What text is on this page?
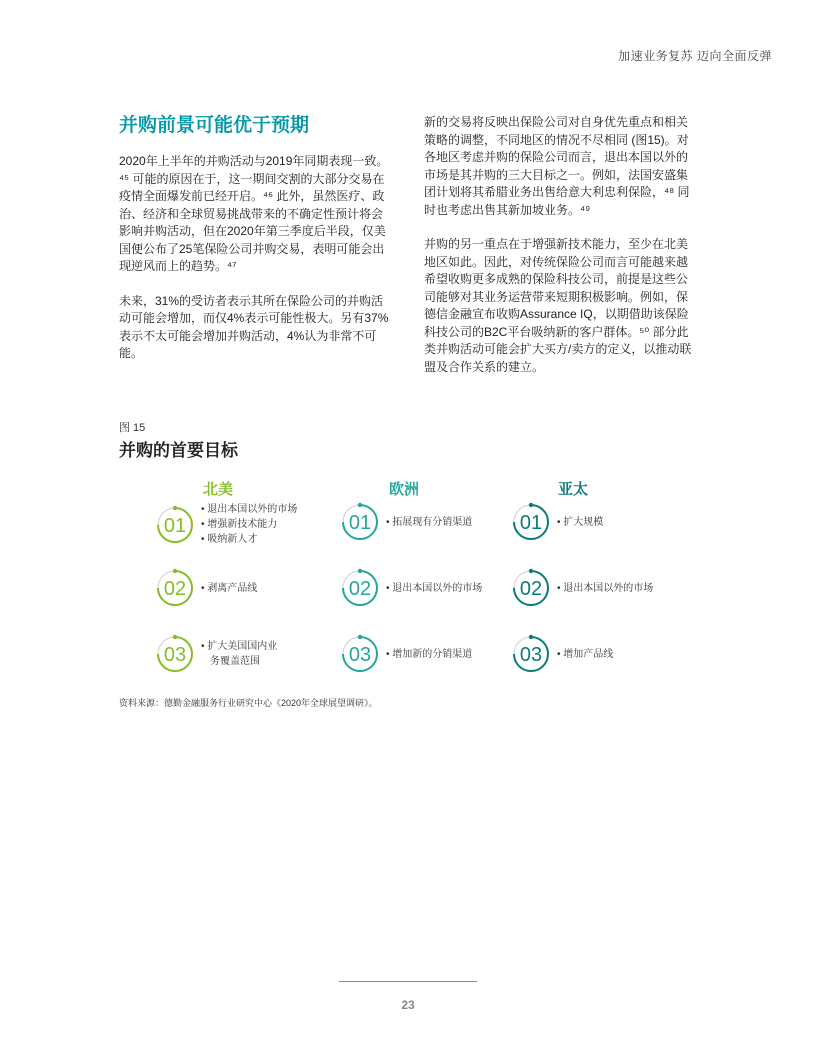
加速业务复苏 迈向全面反弹
并购前景可能优于预期

2020年上半年的并购活动与2019年同期表现一致。⁴⁵ 可能的原因在于，这一期间交割的大部分交易在疫情全面爆发前已经开启。⁴⁶ 此外，虽然医疗、政治、经济和全球贸易挑战带来的不确定性预计将会影响并购活动，但在2020年第三季度后半段，仅美国便公布了25笔保险公司并购交易，表明可能会出现逆风而上的趋势。⁴⁷

未来，31%的受访者表示其所在保险公司的并购活动可能会增加，而仅4%表示可能性极大。另有37%表示不太可能会增加并购活动，4%认为非常不可能。

新的交易将反映出保险公司对自身优先重点和相关策略的调整，不同地区的情况不尽相同 (图15)。对各地区考虑并购的保险公司而言，退出本国以外的市场是其并购的三大目标之一。例如，法国安盛集团计划将其希腊业务出售给意大利忠利保险，⁴⁸ 同时也考虑出售其新加坡业务。⁴⁹

并购的另一重点在于增强新技术能力，至少在北美地区如此。因此，对传统保险公司而言可能越来越希望收购更多成熟的保险科技公司，前提是这些公司能够对其业务运营带来短期积极影响。例如，保德信金融宣布收购Assurance IQ，以期借助该保险科技公司的B2C平台吸纳新的客户群体。⁵⁰ 部分此类并购活动可能会扩大买方/卖方的定义，以推动联盟及合作关系的建立。

图 15
并购的首要目标
北美
01
• 退出本国以外的市场
• 增强新技术能力
• 吸纳新人才
02 • 剥离产品线
03 • 扩大美国国内业
务覆盖范围
欧洲
01 • 拓展现有分销渠道
02 • 退出本国以外的市场
03 • 增加新的分销渠道
亚太
01 • 扩大规模
02 • 退出本国以外的市场
03 • 增加产品线
资料来源：德勤金融服务行业研究中心《2020年全球展望调研》。
23
